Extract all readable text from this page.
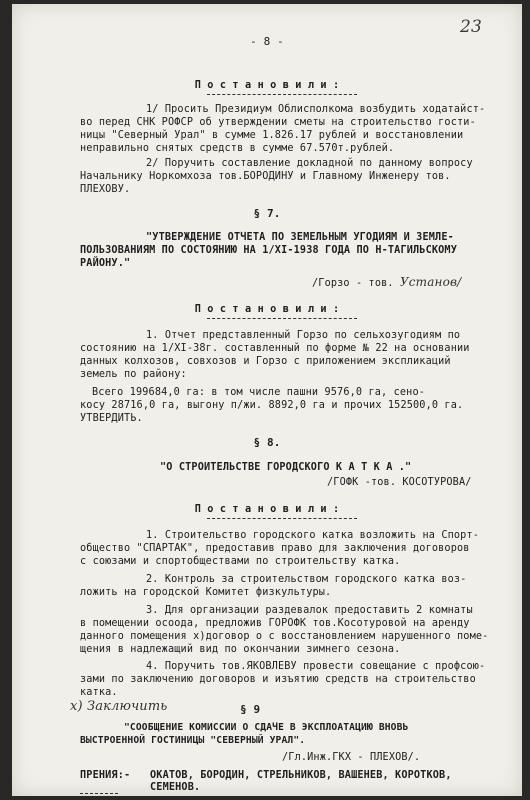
- 8 -
23
П о с т а н о в и л и :
1/ Просить Президиум Облисполкома возбудить ходатайст-
во перед СНК РОФСР об утверждении сметы на строительство гости-
ницы "Северный Урал" в сумме 1.826.17 рублей и восстановлении
неправильно снятых средств в сумме 67.570т.рублей.
2/ Поручить составление докладной по данному вопросу
Начальнику Норкомхоза тов.БОРОДИНУ и Главному Инженеру тов.
ПЛЕХОВУ.
§ 7.
"УТВЕРЖДЕНИЕ ОТЧЕТА ПО ЗЕМЕЛЬНЫМ УГОДИЯМ И ЗЕМЛЕ-
ПОЛЬЗОВАНИЯМ ПО СОСТОЯНИЮ НА 1/XI-1938 ГОДА ПО Н-ТАГИЛЬСКОМУ
РАЙОНУ."
/Горзо - тов. Установ/
П о с т а н о в и л и :
1. Отчет представленный Горзо по сельхозугодиям по
состоянию на 1/XI-38г. составленный по форме № 22 на основании
данных колхозов, совхозов и Горзо с приложением экспликаций
земель по району:
Всего 199684,0 га: в том числе пашни 9576,0 га, сено-
косу 28716,0 га, выгону п/жи. 8892,0 га и прочих 152500,0 га.
УТВЕРДИТЬ.
§ 8.
"О СТРОИТЕЛЬСТВЕ ГОРОДСКОГО К А Т К А ."
/ГОФК -тов. КОСОТУРОВА/
П о с т а н о в и л и :
1. Строительство городского катка возложить на Спорт-
общество "СПАРТАК", предоставив право для заключения договоров
с союзами и спортобществами по строительству катка.
2. Контроль за строительством городского катка воз-
ложить на городской Комитет физкультуры.
3. Для организации раздевалок предоставить 2 комнаты
в помещении осоода, предложив ГОРОФК тов.Косотуровой на аренду
данного помещения х)договор о с восстановлением нарушенного поме-
щения в надлежащий вид по окончании зимнего сезона.
4. Поручить тов.ЯКОВЛЕВУ провести совещание с профсою-
зами по заключению договоров и изъятию средств на строительство
катка.
х) Заключить	§ 9
"СООБЩЕНИЕ КОМИССИИ О СДАЧЕ В ЭКСПЛОАТАЦИЮ ВНОВЬ
ВЫСТРОЕННОЙ ГОСТИНИЦЫ "СЕВЕРНЫЙ УРАЛ".
/Гл.Инж.ГКХ - ПЛЕХОВ/.
ПРЕНИЯ:- ОКАТОВ, БОРОДИН, СТРЕЛЬНИКОВ, ВАШЕНЕВ, КОРОТКОВ,
СЕМЕНОВ.
